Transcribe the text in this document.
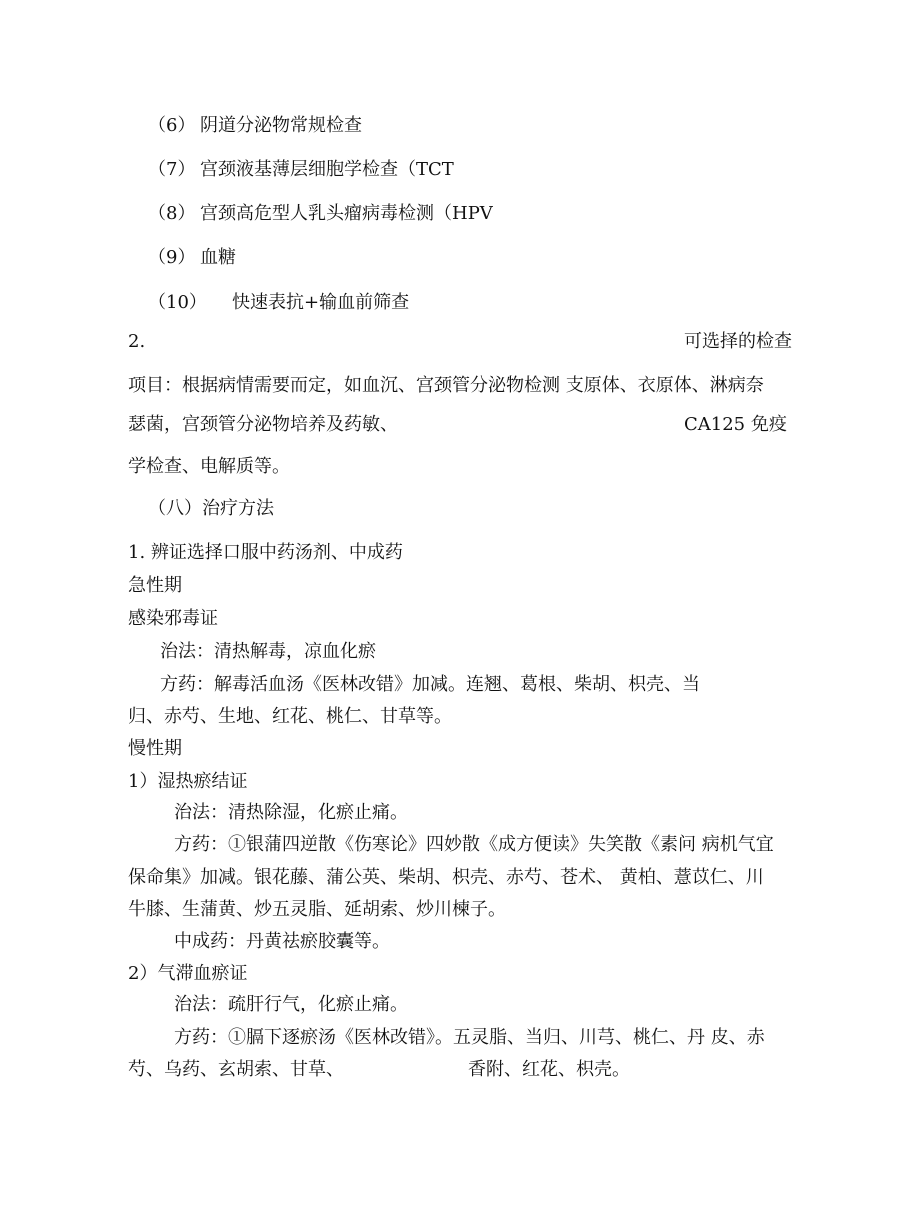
（6） 阴道分泌物常规检查
（7） 宫颈液基薄层细胞学检查（TCT
（8） 宫颈高危型人乳头瘤病毒检测（HPV
（9） 血糖
（10） 快速表抗+输血前筛查
2.	可选择的检查
项目：根据病情需要而定，如血沉、宫颈管分泌物检测 支原体、衣原体、淋病奈
瑟菌，宫颈管分泌物培养及药敏、	CA125 免疫
学检查、电解质等。
（八）治疗方法
1. 辨证选择口服中药汤剂、中成药
急性期
感染邪毒证
治法：清热解毒，凉血化瘀
方药：解毒活血汤《医林改错》加减。连翘、葛根、柴胡、枳壳、当
归、赤芍、生地、红花、桃仁、甘草等。
慢性期
1）湿热瘀结证
治法：清热除湿，化瘀止痛。
方药：①银蒲四逆散《伤寒论》四妙散《成方便读》失笑散《素问 病机气宜
保命集》加减。银花藤、蒲公英、柴胡、枳壳、赤芍、苍术、 黄柏、薏苡仁、川
牛膝、生蒲黄、炒五灵脂、延胡索、炒川楝子。
中成药：丹黄祛瘀胶囊等。
2）气滞血瘀证
治法：疏肝行气，化瘀止痛。
方药：①膈下逐瘀汤《医林改错》。五灵脂、当归、川芎、桃仁、丹 皮、赤
芍、乌药、玄胡索、甘草、	香附、红花、枳壳。
